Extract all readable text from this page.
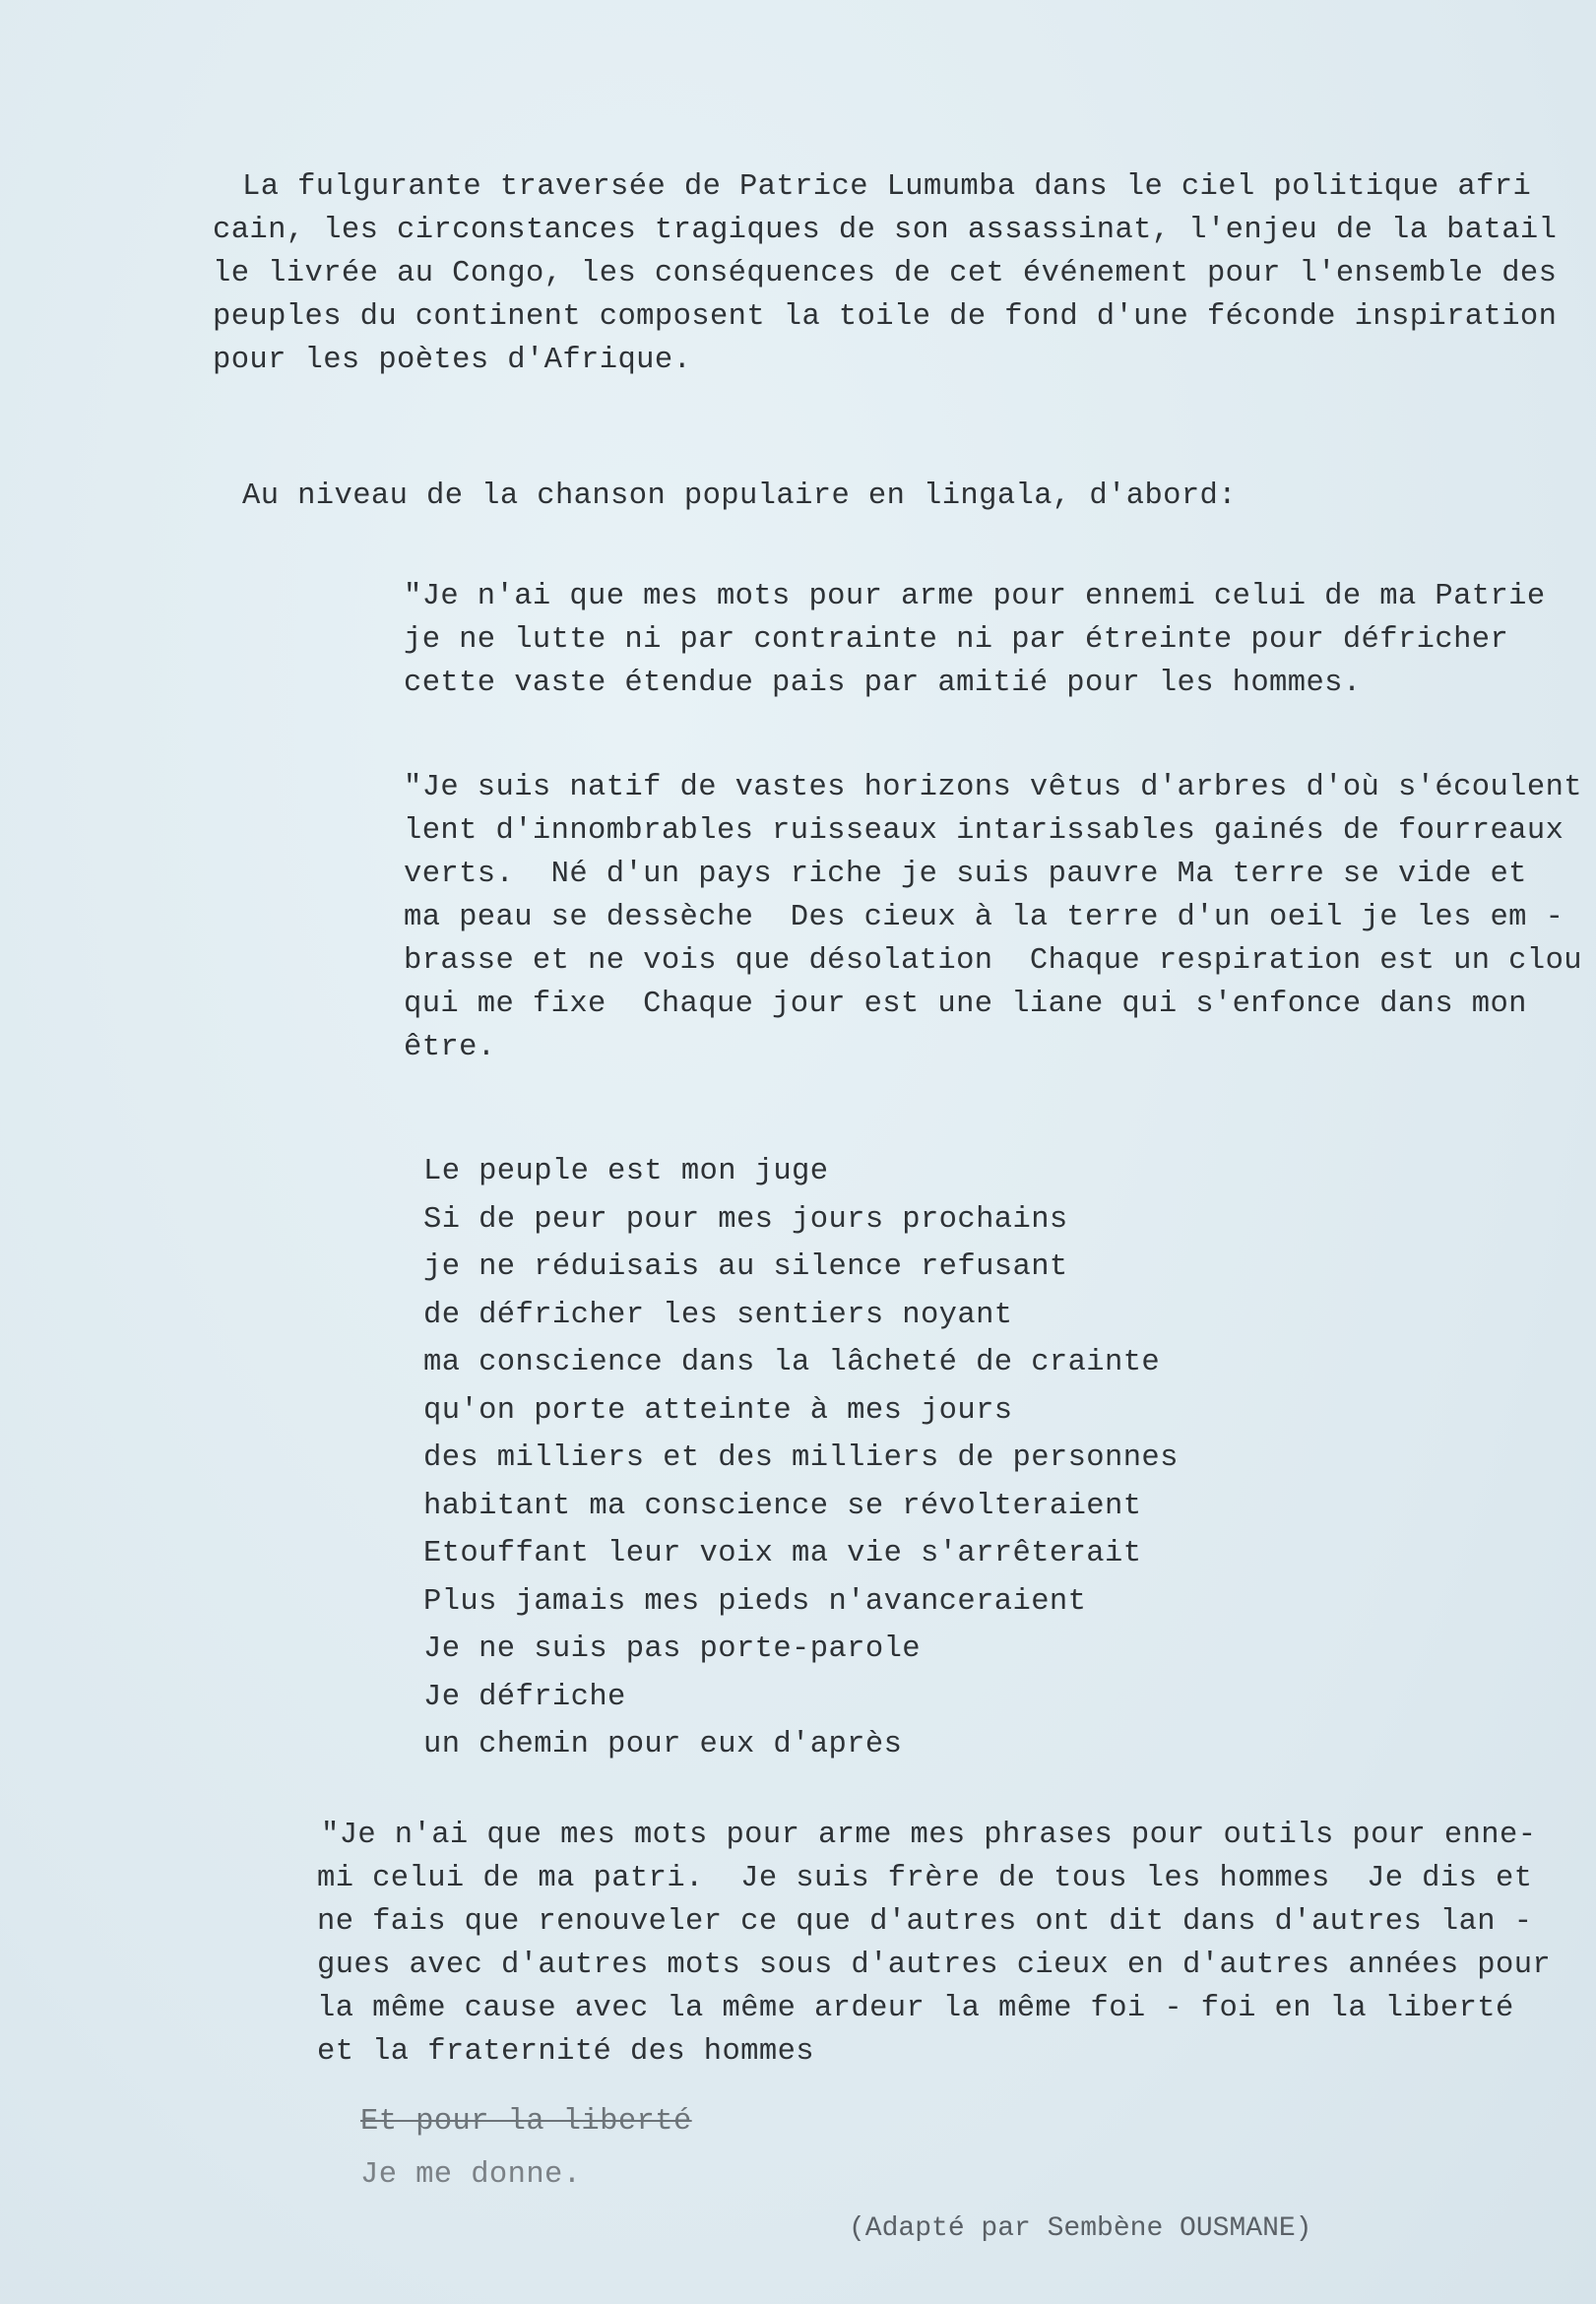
La fulgurante traversée de Patrice Lumumba dans le ciel politique afri
cain, les circonstances tragiques de son assassinat, l'enjeu de la batail
le livrée au Congo, les conséquences de cet événement pour l'ensemble des
peuples du continent composent la toile de fond d'une féconde inspiration
pour les poètes d'Afrique.
Au niveau de la chanson populaire en lingala, d'abord:
"Je n'ai que mes mots pour arme pour ennemi celui de ma Patrie
je ne lutte ni par contrainte ni par étreinte pour défricher
cette vaste étendue pais par amitié pour les hommes.
"Je suis natif de vastes horizons vêtus d'arbres d'où s'écoulent
lent d'innombrables ruisseaux intarissables gainés de fourreaux
verts.  Né d'un pays riche je suis pauvre Ma terre se vide et
ma peau se dessèche  Des cieux à la terre d'un oeil je les em -
brasse et ne vois que désolation  Chaque respiration est un clou
qui me fixe  Chaque jour est une liane qui s'enfonce dans mon
être.
Le peuple est mon juge
Si de peur pour mes jours prochains
je ne réduisais au silence refusant
de défricher les sentiers noyant
ma conscience dans la lâcheté de crainte
qu'on porte atteinte à mes jours
des milliers et des milliers de personnes
habitant ma conscience se révolteraient
Etouffant leur voix ma vie s'arrêterait
Plus jamais mes pieds n'avanceraient
Je ne suis pas porte-parole
Je défriche
un chemin pour eux d'après
"Je n'ai que mes mots pour arme mes phrases pour outils pour enne-
mi celui de ma patri.  Je suis frère de tous les hommes  Je dis et
ne fais que renouveler ce que d'autres ont dit dans d'autres lan -
gues avec d'autres mots sous d'autres cieux en d'autres années pour
la même cause avec la même ardeur la même foi - foi en la liberté
et la fraternité des hommes
Et pour la liberté
Je me donne.
(Adapté par Sembène OUSMANE)
